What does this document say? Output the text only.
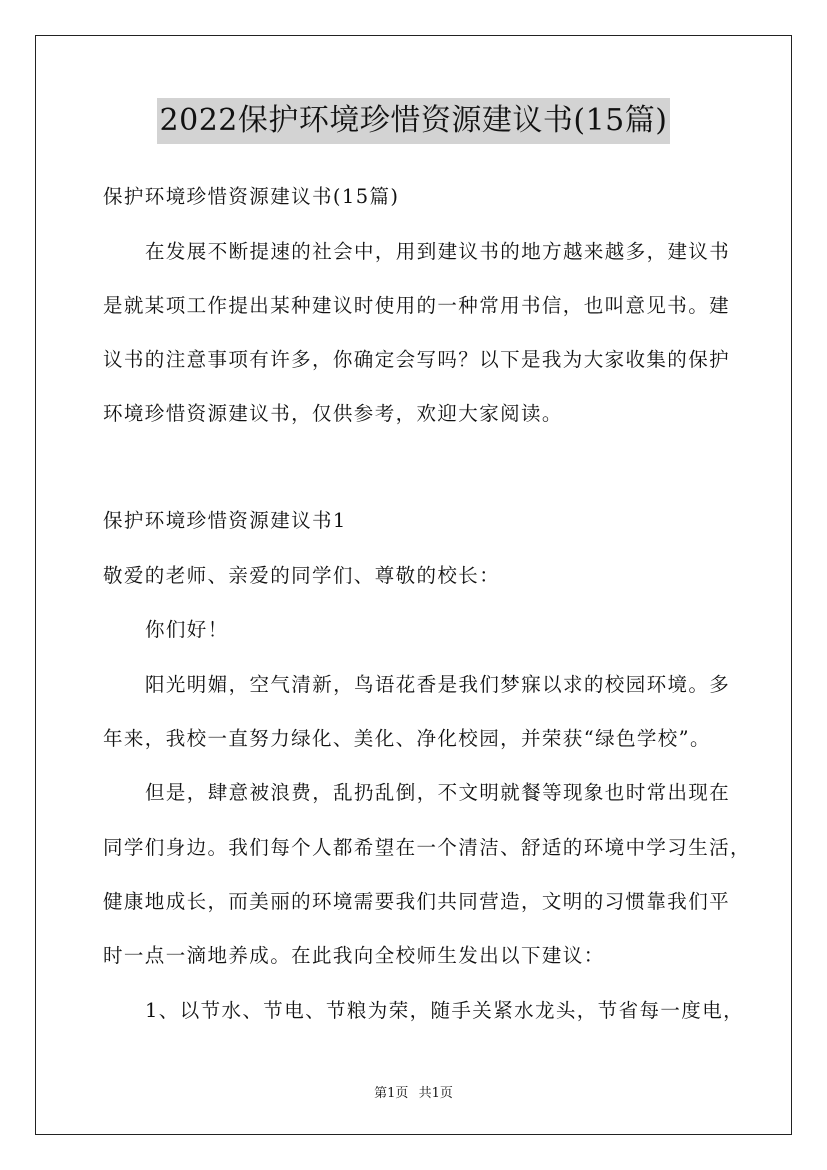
2022保护环境珍惜资源建议书(15篇)
保护环境珍惜资源建议书(15篇)
在发展不断提速的社会中，用到建议书的地方越来越多，建议书
是就某项工作提出某种建议时使用的一种常用书信，也叫意见书。建
议书的注意事项有许多，你确定会写吗？以下是我为大家收集的保护
环境珍惜资源建议书，仅供参考，欢迎大家阅读。
保护环境珍惜资源建议书1
敬爱的老师、亲爱的同学们、尊敬的校长：
你们好！
阳光明媚，空气清新，鸟语花香是我们梦寐以求的校园环境。多
年来，我校一直努力绿化、美化、净化校园，并荣获“绿色学校”。
但是，肆意被浪费，乱扔乱倒，不文明就餐等现象也时常出现在
同学们身边。我们每个人都希望在一个清洁、舒适的环境中学习生活，
健康地成长，而美丽的环境需要我们共同营造，文明的习惯靠我们平
时一点一滴地养成。在此我向全校师生发出以下建议：
1、以节水、节电、节粮为荣，随手关紧水龙头，节省每一度电，
第1页 共1页
